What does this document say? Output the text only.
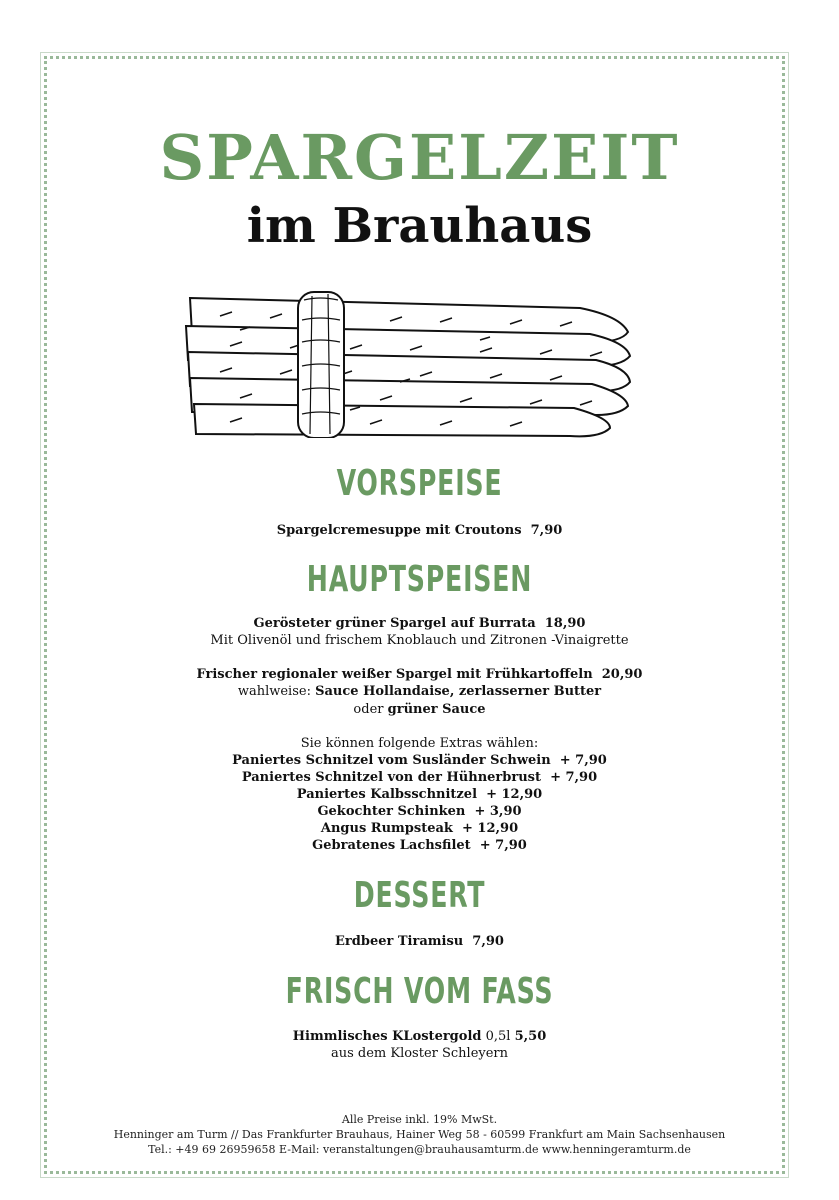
SPARGELZEIT
im Brauhaus
VORSPEISE
Spargelcremesuppe mit Croutons 7,90
HAUPTSPEISEN
Gerösteter grüner Spargel auf Burrata 18,90
Mit Olivenöl und frischem Knoblauch und Zitronen -Vinaigrette
Frischer regionaler weißer Spargel mit Frühkartoffeln 20,90
wahlweise: Sauce Hollandaise, zerlasserner Butter
oder grüner Sauce
Sie können folgende Extras wählen:
Paniertes Schnitzel vom Susländer Schwein + 7,90
Paniertes Schnitzel von der Hühnerbrust + 7,90
Paniertes Kalbsschnitzel + 12,90
Gekochter Schinken + 3,90
Angus Rumpsteak + 12,90
Gebratenes Lachsfilet + 7,90
DESSERT
Erdbeer Tiramisu 7,90
FRISCH VOM FASS
Himmlisches KLostergold 0,5l 5,50
aus dem Kloster Schleyern
Alle Preise inkl. 19% MwSt.
Henninger am Turm // Das Frankfurter Brauhaus, Hainer Weg 58 - 60599 Frankfurt am Main Sachsenhausen
Tel.: +49 69 26959658 E-Mail: veranstaltungen@brauhausamturm.de www.henningeramturm.de
